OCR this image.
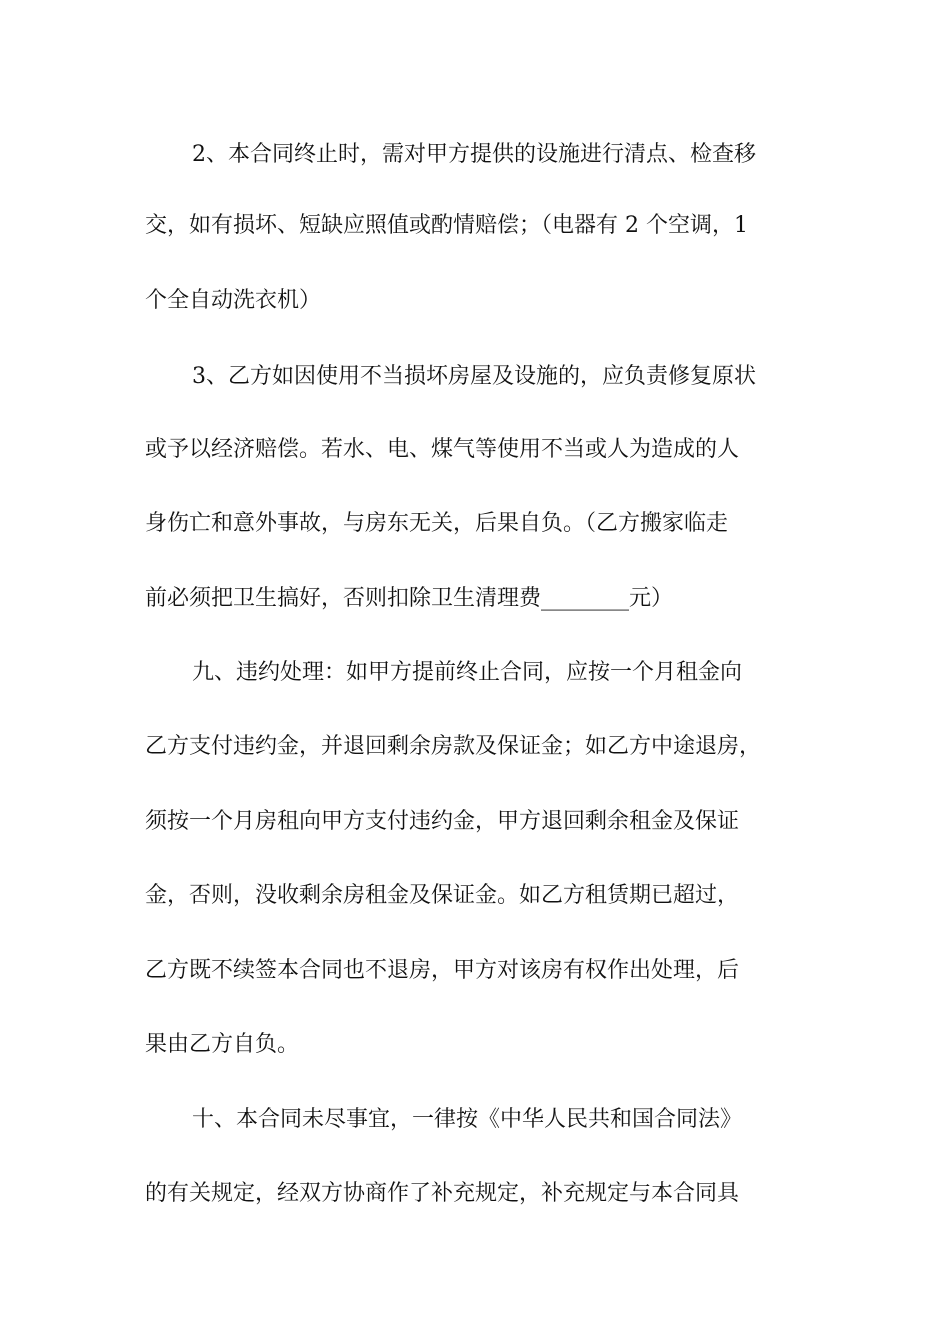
2、本合同终止时，需对甲方提供的设施进行清点、检查移
交，如有损坏、短缺应照值或酌情赔偿；（电器有 2 个空调，1
个全自动洗衣机）
3、乙方如因使用不当损坏房屋及设施的，应负责修复原状
或予以经济赔偿。若水、电、煤气等使用不当或人为造成的人
身伤亡和意外事故，与房东无关，后果自负。（乙方搬家临走
前必须把卫生搞好，否则扣除卫生清理费________元）
九、违约处理：如甲方提前终止合同，应按一个月租金向
乙方支付违约金，并退回剩余房款及保证金；如乙方中途退房，
须按一个月房租向甲方支付违约金，甲方退回剩余租金及保证
金，否则，没收剩余房租金及保证金。如乙方租赁期已超过，
乙方既不续签本合同也不退房，甲方对该房有权作出处理，后
果由乙方自负。
十、本合同未尽事宜，一律按《中华人民共和国合同法》
的有关规定，经双方协商作了补充规定，补充规定与本合同具
